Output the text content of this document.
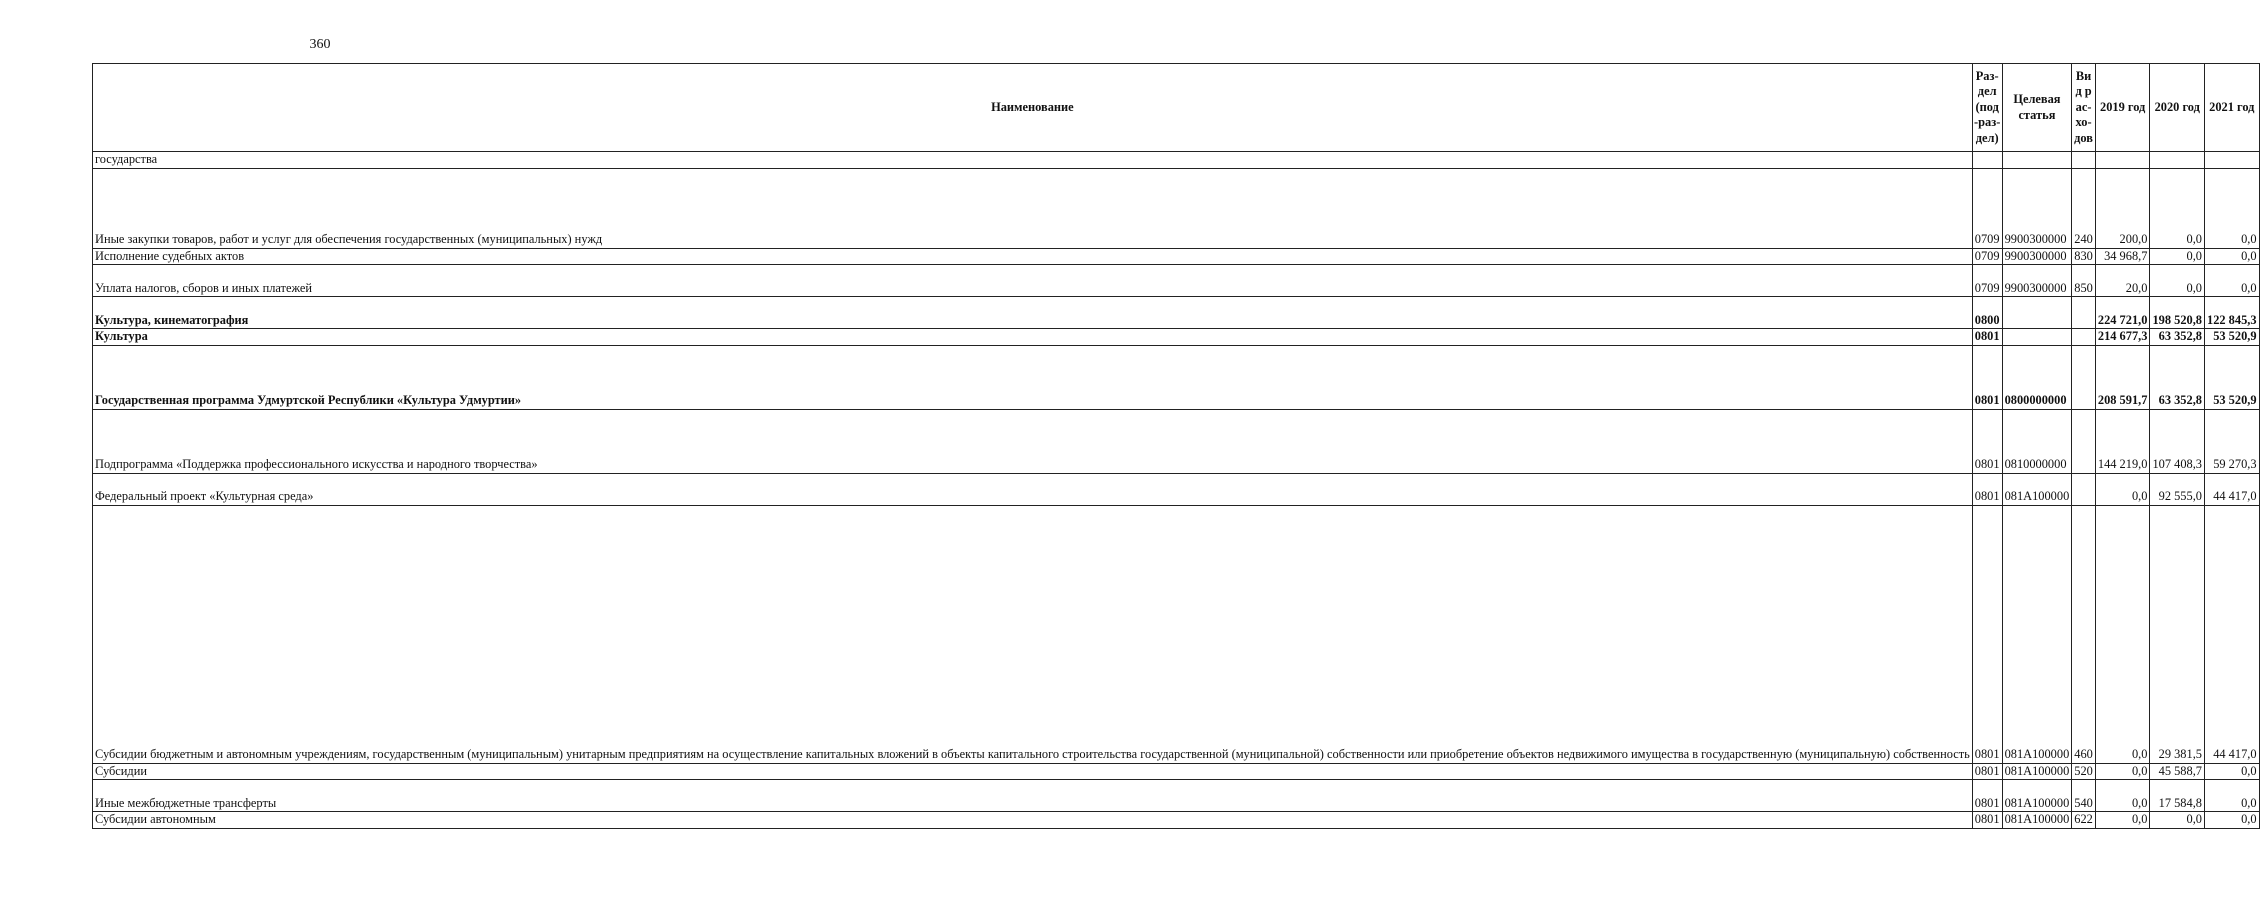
360
Наименование	Раз-дел (под-раз-дел)	Целевая статья	Вид рас-хо-дов	2019 год	2020 год	2021 год
государства						
Иные закупки товаров, работ и услуг для обеспечения государственных (муниципальных) нужд	0709	9900300000	240	200,0	0,0	0,0
Исполнение судебных актов	0709	9900300000	830	34 968,7	0,0	0,0
Уплата налогов, сборов и иных платежей	0709	9900300000	850	20,0	0,0	0,0
Культура, кинематография	0800			224 721,0	198 520,8	122 845,3
Культура	0801			214 677,3	63 352,8	53 520,9
Государственная программа Удмуртской Республики «Культура Удмуртии»	0801	0800000000		208 591,7	63 352,8	53 520,9
Подпрограмма «Поддержка профессионального искусства и народного творчества»	0801	0810000000		144 219,0	107 408,3	59 270,3
Федеральный проект «Культурная среда»	0801	081А100000		0,0	92 555,0	44 417,0
Субсидии бюджетным и автономным учреждениям, государственным (муниципальным) унитарным предприятиям на осуществление капитальных вложений в объекты капитального строительства государственной (муниципальной) собственности или приобретение объектов недвижимого имущества в государственную (муниципальную) собственность	0801	081А100000	460	0,0	29 381,5	44 417,0
Субсидии	0801	081А100000	520	0,0	45 588,7	0,0
Иные межбюджетные трансферты	0801	081А100000	540	0,0	17 584,8	0,0
Субсидии автономным	0801	081А100000	622	0,0	0,0	0,0
